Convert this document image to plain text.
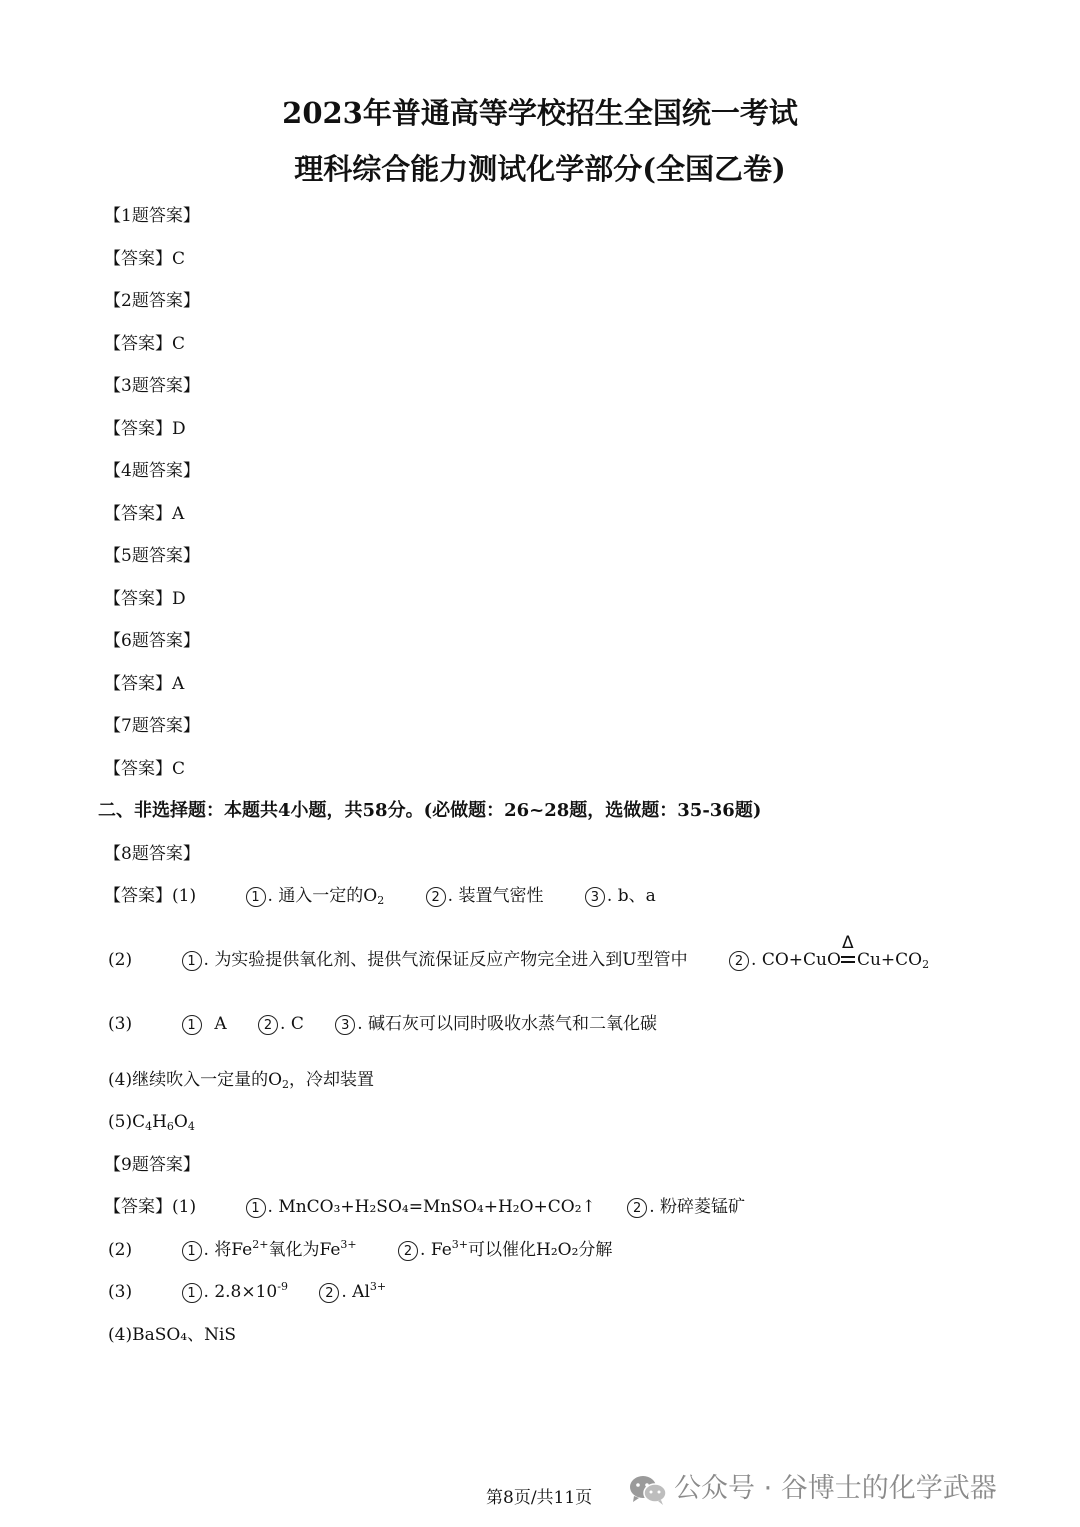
2023年普通高等学校招生全国统一考试
理科综合能力测试化学部分(全国乙卷)
【1题答案】
【答案】C
【2题答案】
【答案】C
【3题答案】
【答案】D
【4题答案】
【答案】A
【5题答案】
【答案】D
【6题答案】
【答案】A
【7题答案】
【答案】C
二、非选择题：本题共4小题，共58分。(必做题：26~28题，选做题：35-36题)
【8题答案】
【答案】(1)	1 . 通入一定的$O_2$	2 . 装置气密性	3 . b、a
(2)	1 . 为实验提供氧化剂、提供气流保证反应产物完全进入到U型管中	2 . CO+CuO
Δ
$Cu+CO_2$
(3)	1 A	2 . C	3 . 碱石灰可以同时吸收水蒸气和二氧化碳
(4)继续吹入一定量的$O_2$，冷却装置
$(5)C_4H_6O_4$
【9题答案】
【答案】(1)	1 . MnCO₃+H₂SO₄=MnSO₄+H₂O+CO₂↑	2 . 粉碎菱锰矿
(2)	1 . 将$Fe^{2+}$氧化为$Fe^{3+}$	2 . $Fe^{3+}$可以催化H₂O₂分解
(3)	1 . $2.8\times 10^{-9}$	2 . $Al^{3+}$
(4)BaSO₄、NiS
第8页/共11页	公众号 · 谷博士的化学武器
